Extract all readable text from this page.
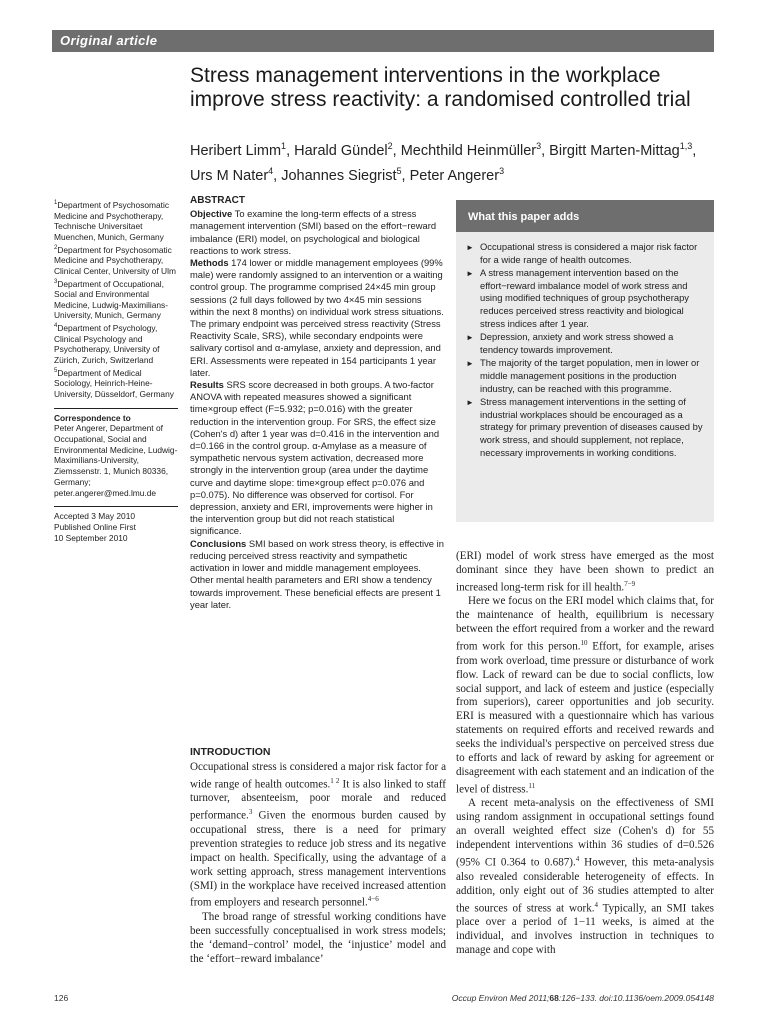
Original article
Stress management interventions in the workplace improve stress reactivity: a randomised controlled trial
Heribert Limm$^1$, Harald Gündel$^2$, Mechthild Heinmüller$^3$, Birgitt Marten-Mittag$^{1,3}$, Urs M Nater$^4$, Johannes Siegrist$^5$, Peter Angerer$^3$

$^1$Department of Psychosomatic Medicine and Psychotherapy, Technische Universitaet Muenchen, Munich, Germany

$^2$Department for Psychosomatic Medicine and Psychotherapy, Clinical Center, University of Ulm

$^3$Department of Occupational, Social and Environmental Medicine, Ludwig-Maximilians-University, Munich, Germany

$^4$Department of Psychology, Clinical Psychology and Psychotherapy, University of Zürich, Zurich, Switzerland

$^5$Department of Medical Sociology, Heinrich-Heine-University, Düsseldorf, Germany

Correspondence to

Peter Angerer, Department of Occupational, Social and Environmental Medicine, Ludwig-Maximilians-University, Ziemssenstr. 1, Munich 80336, Germany; peter.angerer@med.lmu.de

Accepted 3 May 2010

Published Online First

10 September 2010

ABSTRACT

Objective To examine the long-term effects of a stress management intervention (SMI) based on the effort−reward imbalance (ERI) model, on psychological and biological reactions to work stress.

Methods 174 lower or middle management employees (99% male) were randomly assigned to an intervention or a waiting control group. The programme comprised 24×45 min group sessions (2 full days followed by two 4×45 min sessions within the next 8 months) on individual work stress situations. The primary endpoint was perceived stress reactivity (Stress Reactivity Scale, SRS), while secondary endpoints were salivary cortisol and α-amylase, anxiety and depression, and ERI. Assessments were repeated in 154 participants 1 year later.

Results SRS score decreased in both groups. A two-factor ANOVA with repeated measures showed a significant time×group effect (F=5.932; p=0.016) with the greater reduction in the intervention group. For SRS, the effect size (Cohen's d) after 1 year was d=0.416 in the intervention and d=0.166 in the control group. α-Amylase as a measure of sympathetic nervous system activation, decreased more strongly in the intervention group (area under the daytime curve and daytime slope: time×group effect p=0.076 and p=0.075). No difference was observed for cortisol. For depression, anxiety and ERI, improvements were higher in the intervention group but did not reach statistical significance.

Conclusions SMI based on work stress theory, is effective in reducing perceived stress reactivity and sympathetic activation in lower and middle management employees. Other mental health parameters and ERI show a tendency towards improvement. These beneficial effects are present 1 year later.

What this paper adds
► Occupational stress is considered a major risk factor for a wide range of health outcomes.
► A stress management intervention based on the effort−reward imbalance model of work stress and using modified techniques of group psychotherapy reduces perceived stress reactivity and biological stress indices after 1 year.
► Depression, anxiety and work stress showed a tendency towards improvement.
► The majority of the target population, men in lower or middle management positions in the production industry, can be reached with this programme.
► Stress management interventions in the setting of industrial workplaces should be encouraged as a strategy for primary prevention of diseases caused by work stress, and should supplement, not replace, necessary improvements in working conditions.
INTRODUCTION

Occupational stress is considered a major risk factor for a wide range of health outcomes.$^{1 2}$ It is also linked to staff turnover, absenteeism, poor morale and reduced performance.$^3$ Given the enormous burden caused by occupational stress, there is a need for primary prevention strategies to reduce job stress and its negative impact on health. Specifically, using the advantage of a work setting approach, stress management interventions (SMI) in the workplace have received increased attention from employers and research personnel.$^{4-6}$

The broad range of stressful working conditions have been successfully conceptualised in work stress models; the ‘demand−control’ model, the ‘injustice’ model and the ‘effort−reward imbalance’

(ERI) model of work stress have emerged as the most dominant since they have been shown to predict an increased long-term risk for ill health.$^{7-9}$

Here we focus on the ERI model which claims that, for the maintenance of health, equilibrium is necessary between the effort required from a worker and the reward from work for this person.$^{10}$ Effort, for example, arises from work overload, time pressure or disturbance of work flow. Lack of reward can be due to social conflicts, low social support, and lack of esteem and justice (especially from superiors), career opportunities and job security. ERI is measured with a questionnaire which has various statements on required efforts and received rewards and seeks the individual's perspective on perceived stress due to efforts and lack of reward by asking for agreement or disagreement with each statement and an indication of the level of distress.$^{11}$

A recent meta-analysis on the effectiveness of SMI using random assignment in occupational settings found an overall weighted effect size (Cohen's d) for 55 independent interventions within 36 studies of d=0.526 (95% CI 0.364 to 0.687).$^4$ However, this meta-analysis also revealed considerable heterogeneity of effects. In addition, only eight out of 36 studies attempted to alter the sources of stress at work.$^4$ Typically, an SMI takes place over a period of 1−11 weeks, is aimed at the individual, and involves instruction in techniques to manage and cope with

126	Occup Environ Med 2011;68:126−133. doi:10.1136/oem.2009.054148
